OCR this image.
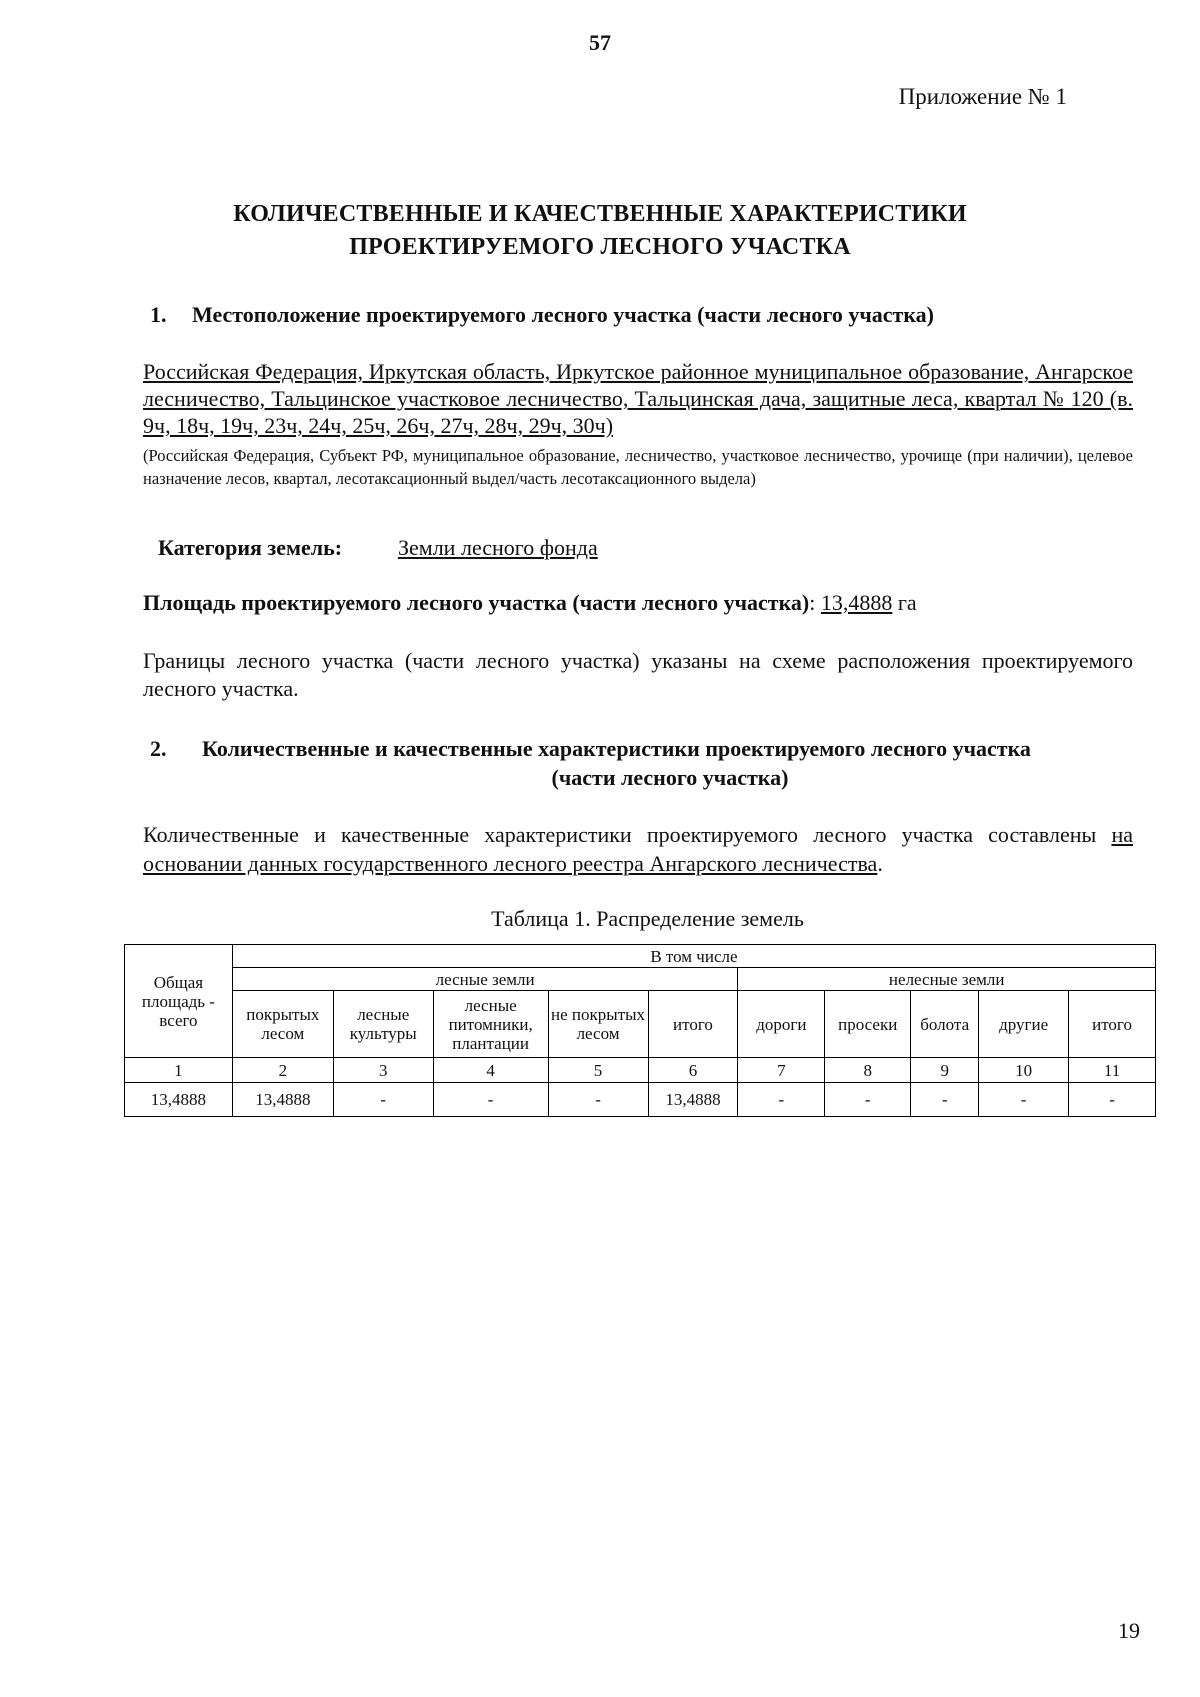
57
Приложение № 1
КОЛИЧЕСТВЕННЫЕ И КАЧЕСТВЕННЫЕ ХАРАКТЕРИСТИКИ
ПРОЕКТИРУЕМОГО ЛЕСНОГО УЧАСТКА
1. Местоположение проектируемого лесного участка (части лесного участка)
Российская Федерация, Иркутская область, Иркутское районное муниципальное образование, Ангарское лесничество, Тальцинское участковое лесничество, Тальцинская дача, защитные леса, квартал № 120 (в. 9ч, 18ч, 19ч, 23ч, 24ч, 25ч, 26ч, 27ч, 28ч, 29ч, 30ч)
(Российская Федерация, Субъект РФ, муниципальное образование, лесничество, участковое лесничество, урочище (при наличии), целевое назначение лесов, квартал, лесотаксационный выдел/часть лесотаксационного выдела)
Категория земель:	Земли лесного фонда
Площадь проектируемого лесного участка (части лесного участка): 13,4888 га
Границы лесного участка (части лесного участка) указаны на схеме расположения проектируемого лесного участка.
2. Количественные и качественные характеристики проектируемого лесного участка
(части лесного участка)
Количественные и качественные характеристики проектируемого лесного участка составлены на основании данных государственного лесного реестра Ангарского лесничества.
Таблица 1. Распределение земель
Общая площадь - всего	В том числе									
	лесные земли					нелесные земли				
	покрытых лесом	лесные культуры	лесные питомники, плантации	не покрытых лесом	итого	дороги	просеки	болота	другие	итого
1	2	3	4	5	6	7	8	9	10	11
13,4888	13,4888	-	-	-	13,4888	-	-	-	-	-
19
